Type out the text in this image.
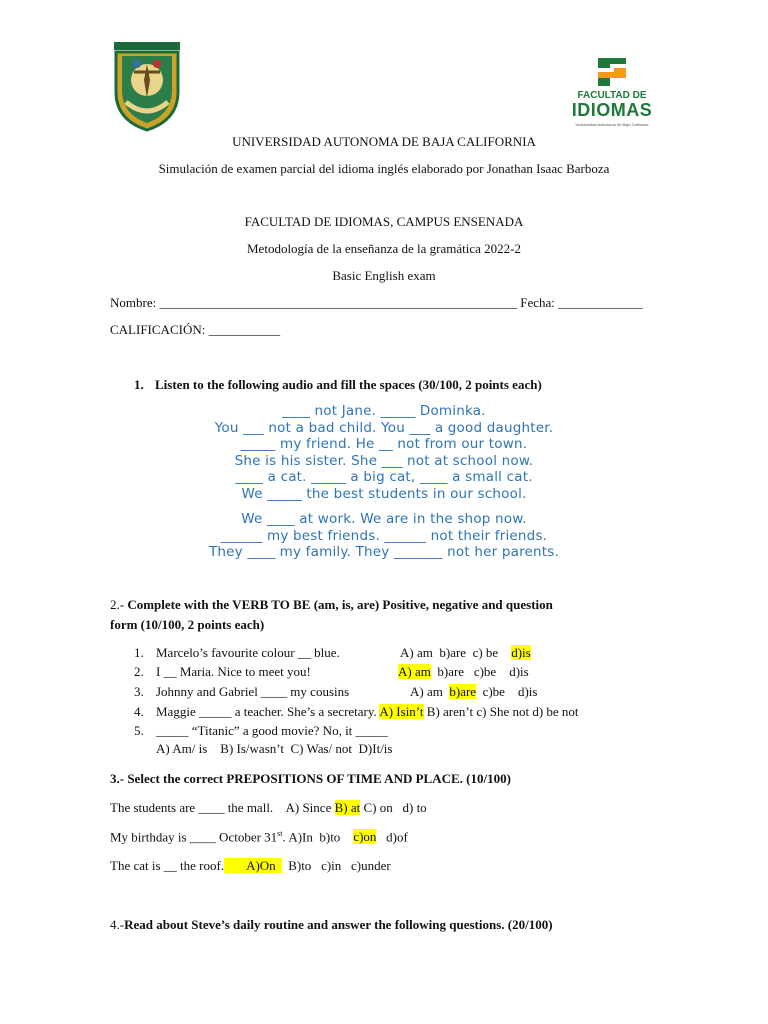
FACULTAD DE
IDIOMAS
Universidad Autónoma de Baja California
UNIVERSIDAD AUTONOMA DE BAJA CALIFORNIA
Simulación de examen parcial del idioma inglés elaborado por Jonathan Isaac Barboza
FACULTAD DE IDIOMAS, CAMPUS ENSENADA
Metodología de la enseñanza de la gramática 2022-2
Basic English exam
Nombre: _______________________________________________________ Fecha: _____________
CALIFICACIÓN: ___________
1. Listen to the following audio and fill the spaces (30/100, 2 points each)
____ not Jane. _____ Dominka.
You ___ not a bad child. You ___ a good daughter.
_____ my friend. He __ not from our town.
She is his sister. She ___ not at school now.
____ a cat. _____ a big cat, ____ a small cat.
We _____ the best students in our school.
We ____ at work. We are in the shop now.
______ my best friends. ______ not their friends.
They ____ my family. They _______ not her parents.
2.- Complete with the VERB TO BE (am, is, are) Positive, negative and question
form (10/100, 2 points each)
1. Marcelo’s favourite colour __ blue.	A) am b)are c) be d)is
2. I __ Maria. Nice to meet you!	A) am b)are c)be d)is
3. Johnny and Gabriel ____ my cousins	A) am b)are c)be d)is
4. Maggie _____ a teacher. She’s a secretary. A) Isin’t B) aren’t c) She not d) be not
5. _____ “Titanic” a good movie? No, it _____
A) Am/ is B) Is/wasn’t C) Was/ not D)It/is
3.- Select the correct PREPOSITIONS OF TIME AND PLACE. (10/100)
The students are ____ the mall. A) Since B) at C) on d) to
My birthday is ____ October 31st. A)In b)to c)on d)of
The cat is __ the roof. A)On B)to c)in c)under
4.-Read about Steve’s daily routine and answer the following questions. (20/100)
